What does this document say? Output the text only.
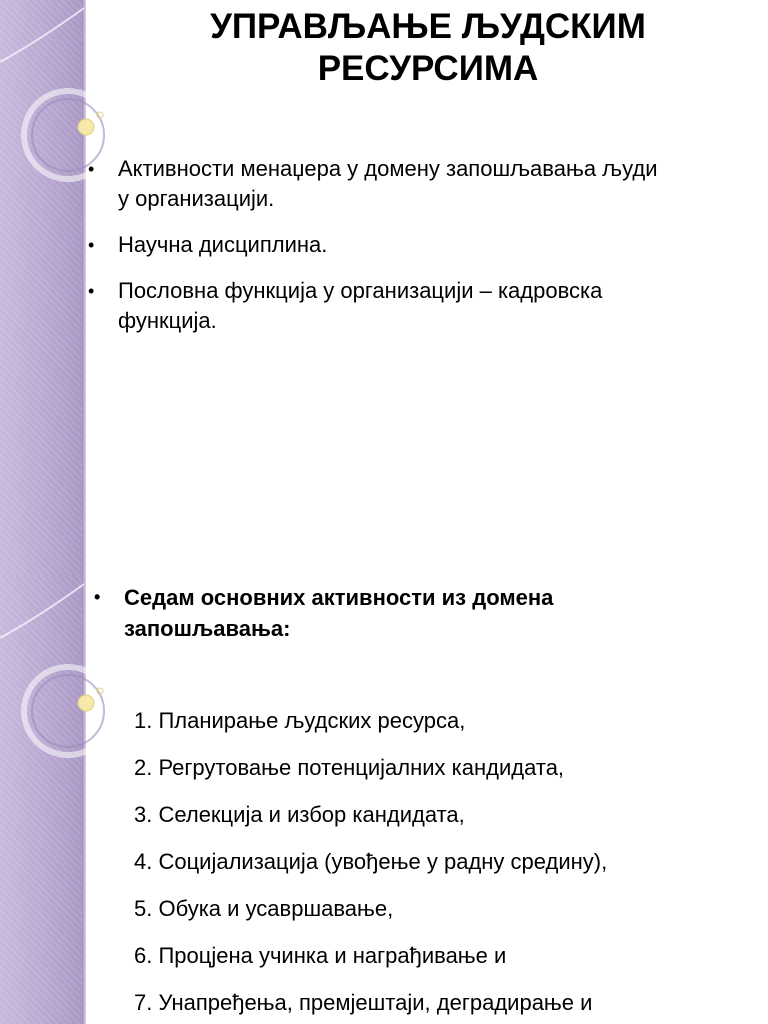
УПРАВЉАЊЕ ЉУДСКИМ
РЕСУРСИМА
• Активности менаџера у домену запошљавања људи
у организацији.
• Научна дисциплина.
• Пословна функција у организацији – кадровска
функција.
• Седам основних активности из домена
запошљавања:
1. Планирање људских ресурса,
2. Регрутовање потенцијалних кандидата,
3. Селекција и избор кандидата,
4. Социјализација (увођење у радну средину),
5. Обука и усавршавање,
6. Процјена учинка и награђивање и
7. Унапређења, премјештаји, деградирање и
